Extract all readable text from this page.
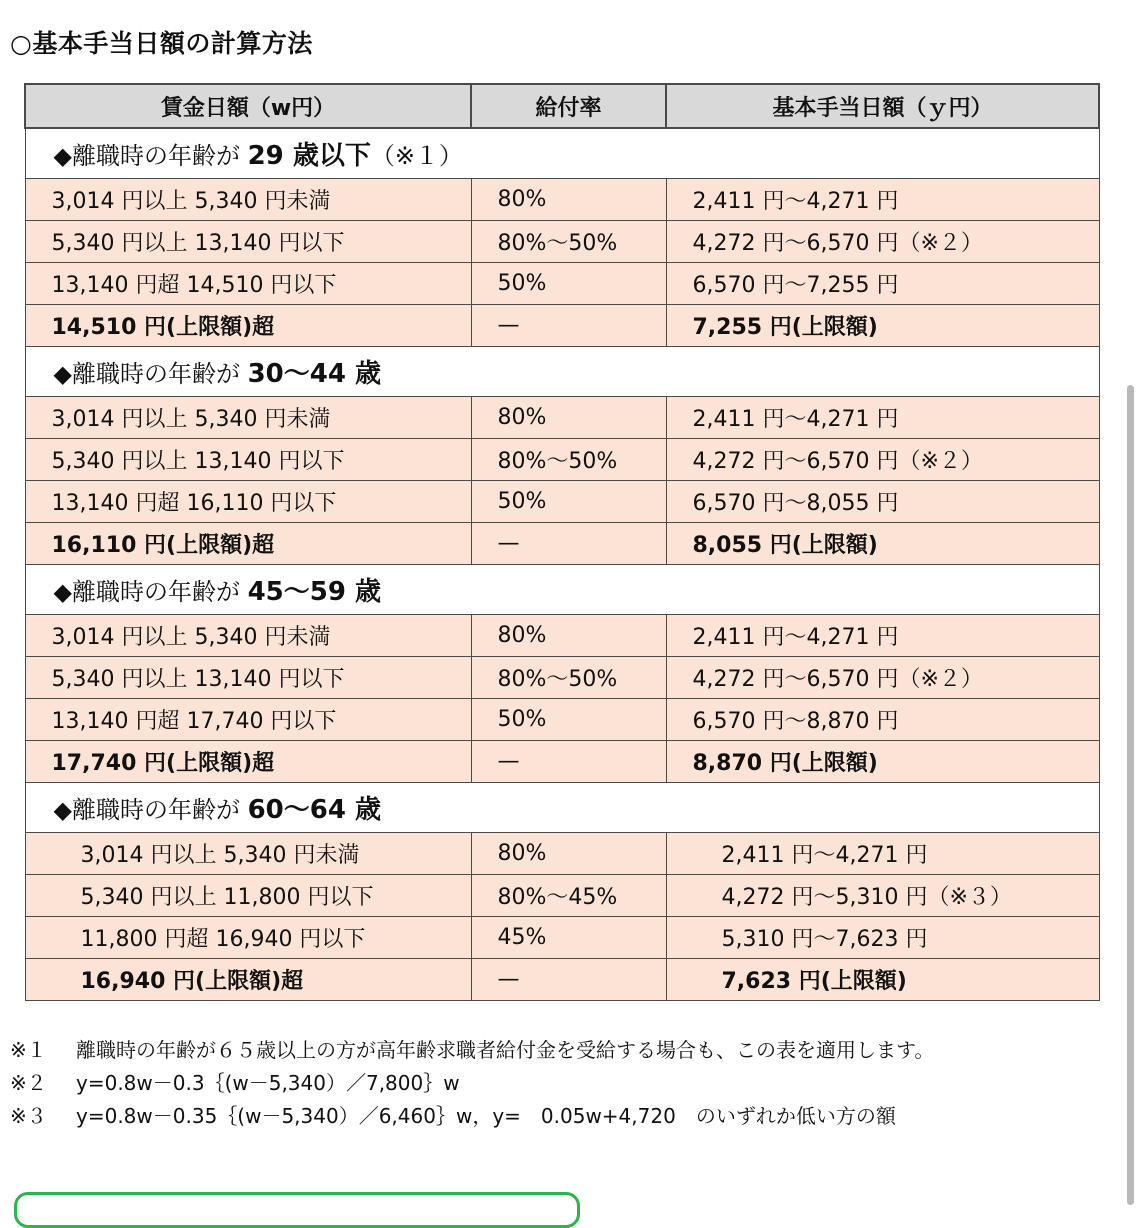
○基本手当日額の計算方法
賃金日額（w円）	給付率	基本手当日額（ｙ円）
◆離職時の年齢が 29 歳以下（※１）		
3,014 円以上 5,340 円未満	80%	2,411 円～4,271 円
5,340 円以上 13,140 円以下	80%～50%	4,272 円～6,570 円（※２）
13,140 円超 14,510 円以下	50%	6,570 円～7,255 円
14,510 円(上限額)超	—	7,255 円(上限額)
◆離職時の年齢が 30～44 歳		
3,014 円以上 5,340 円未満	80%	2,411 円～4,271 円
5,340 円以上 13,140 円以下	80%～50%	4,272 円～6,570 円（※２）
13,140 円超 16,110 円以下	50%	6,570 円～8,055 円
16,110 円(上限額)超	—	8,055 円(上限額)
◆離職時の年齢が 45～59 歳		
3,014 円以上 5,340 円未満	80%	2,411 円～4,271 円
5,340 円以上 13,140 円以下	80%～50%	4,272 円～6,570 円（※２）
13,140 円超 17,740 円以下	50%	6,570 円～8,870 円
17,740 円(上限額)超	—	8,870 円(上限額)
◆離職時の年齢が 60～64 歳		
3,014 円以上 5,340 円未満	80%	2,411 円～4,271 円
5,340 円以上 11,800 円以下	80%～45%	4,272 円～5,310 円（※３）
11,800 円超 16,940 円以下	45%	5,310 円～7,623 円
16,940 円(上限額)超	—	7,623 円(上限額)
※１ 離職時の年齢が６５歳以上の方が高年齢求職者給付金を受給する場合も、この表を適用します。
※２ y=0.8w－0.3｛(w－5,340）／7,800｝w
※３ y=0.8w－0.35｛(w－5,340）／6,460｝w，y=　0.05w+4,720　のいずれか低い方の額
